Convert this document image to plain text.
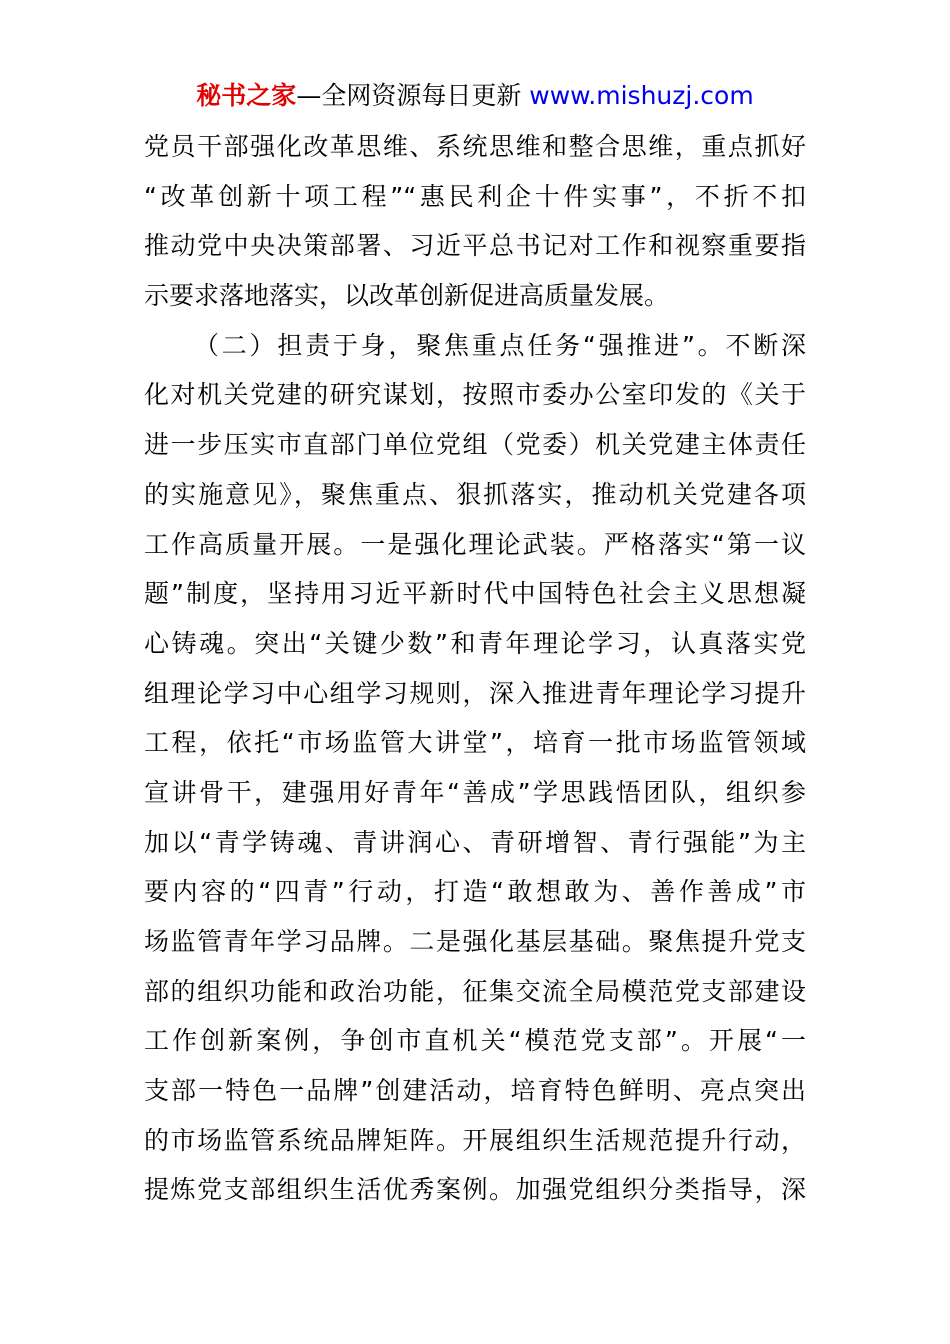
秘书之家—全网资源每日更新 www.mishuzj.com
党员干部强化改革思维、系统思维和整合思维，重点抓好
“改革创新十项工程”“惠民利企十件实事”，不折不扣
推动党中央决策部署、习近平总书记对工作和视察重要指
示要求落地落实，以改革创新促进高质量发展。
（二）担责于身，聚焦重点任务“强推进”。不断深
化对机关党建的研究谋划，按照市委办公室印发的《关于
进一步压实市直部门单位党组（党委）机关党建主体责任
的实施意见》，聚焦重点、狠抓落实，推动机关党建各项
工作高质量开展。一是强化理论武装。严格落实“第一议
题”制度，坚持用习近平新时代中国特色社会主义思想凝
心铸魂。突出“关键少数”和青年理论学习，认真落实党
组理论学习中心组学习规则，深入推进青年理论学习提升
工程，依托“市场监管大讲堂”，培育一批市场监管领域
宣讲骨干，建强用好青年“善成”学思践悟团队，组织参
加以“青学铸魂、青讲润心、青研增智、青行强能”为主
要内容的“四青”行动，打造“敢想敢为、善作善成”市
场监管青年学习品牌。二是强化基层基础。聚焦提升党支
部的组织功能和政治功能，征集交流全局模范党支部建设
工作创新案例，争创市直机关“模范党支部”。开展“一
支部一特色一品牌”创建活动，培育特色鲜明、亮点突出
的市场监管系统品牌矩阵。开展组织生活规范提升行动，
提炼党支部组织生活优秀案例。加强党组织分类指导，深
